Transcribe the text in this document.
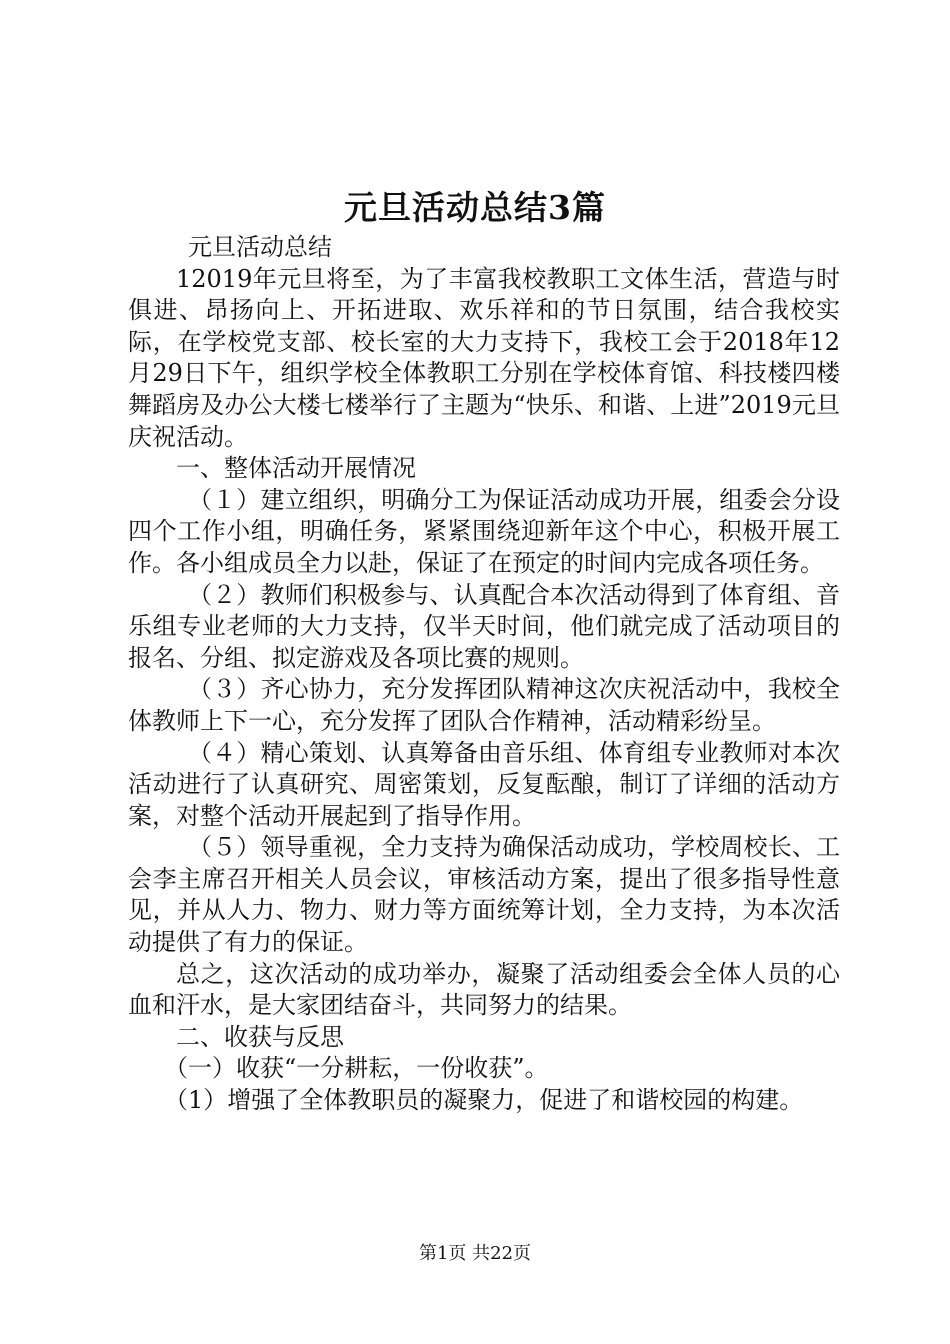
元旦活动总结3篇

元旦活动总结

12019年元旦将至，为了丰富我校教职工文体生活，营造与时俱进、昂扬向上、开拓进取、欢乐祥和的节日氛围，结合我校实际，在学校党支部、校长室的大力支持下，我校工会于2018年12月29日下午，组织学校全体教职工分别在学校体育馆、科技楼四楼舞蹈房及办公大楼七楼举行了主题为“快乐、和谐、上进”2019元旦庆祝活动。

一、整体活动开展情况

（１）建立组织，明确分工为保证活动成功开展，组委会分设四个工作小组，明确任务，紧紧围绕迎新年这个中心，积极开展工作。各小组成员全力以赴，保证了在预定的时间内完成各项任务。

（２）教师们积极参与、认真配合本次活动得到了体育组、音乐组专业老师的大力支持，仅半天时间，他们就完成了活动项目的报名、分组、拟定游戏及各项比赛的规则。

（３）齐心协力，充分发挥团队精神这次庆祝活动中，我校全体教师上下一心，充分发挥了团队合作精神，活动精彩纷呈。

（４）精心策划、认真筹备由音乐组、体育组专业教师对本次活动进行了认真研究、周密策划，反复酝酿，制订了详细的活动方案，对整个活动开展起到了指导作用。

（５）领导重视，全力支持为确保活动成功，学校周校长、工会李主席召开相关人员会议，审核活动方案，提出了很多指导性意见，并从人力、物力、财力等方面统筹计划，全力支持，为本次活动提供了有力的保证。

总之，这次活动的成功举办，凝聚了活动组委会全体人员的心血和汗水，是大家团结奋斗，共同努力的结果。

二、收获与反思

（一）收获“一分耕耘，一份收获”。

（1）增强了全体教职员的凝聚力，促进了和谐校园的构建。

第1页 共22页
